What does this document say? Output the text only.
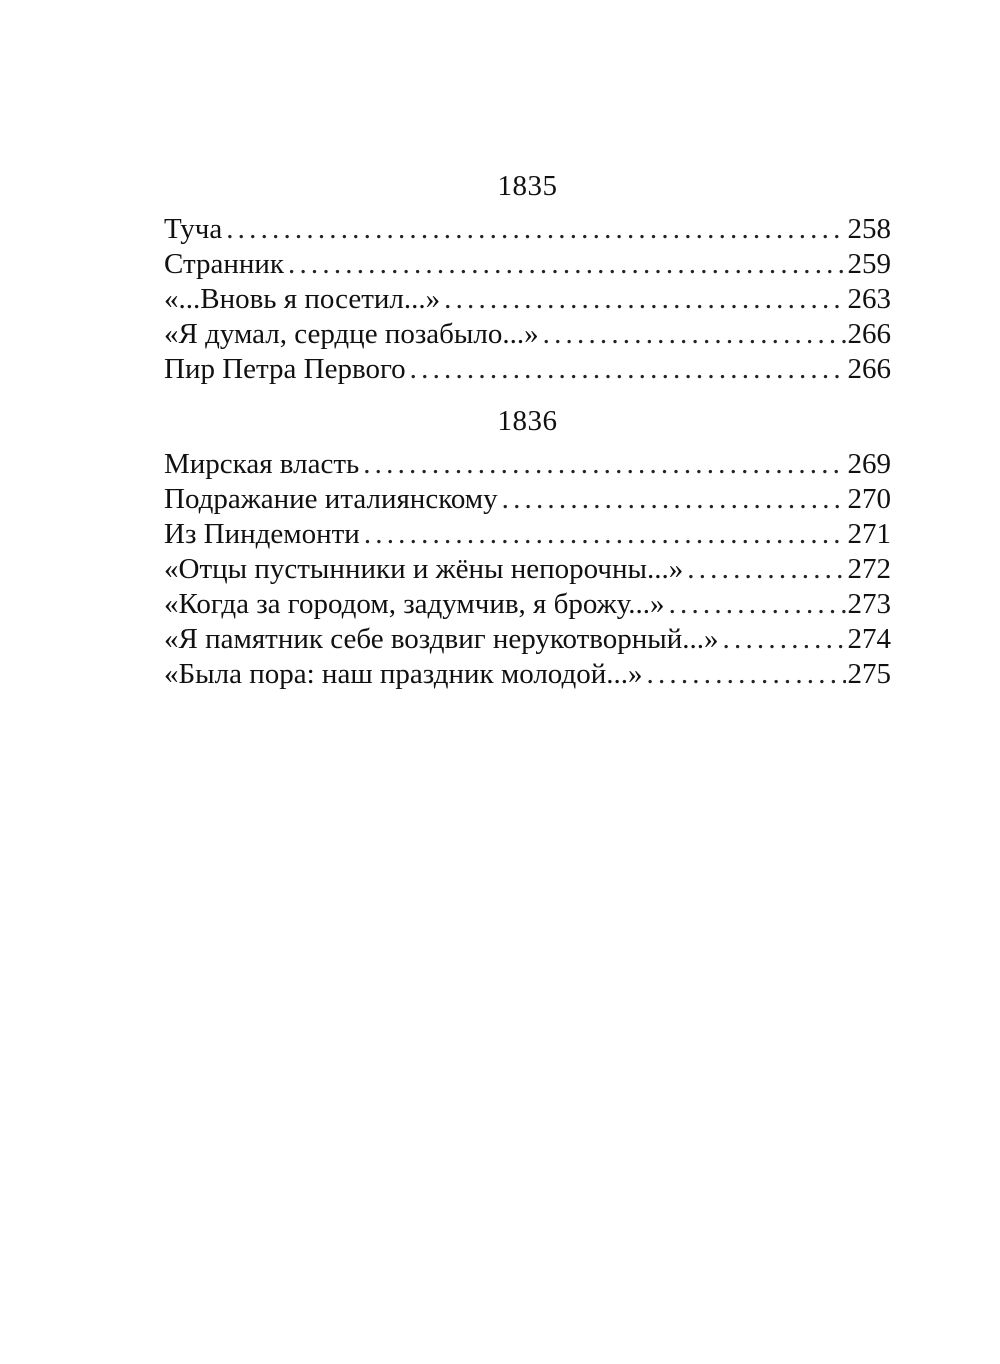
1835
Туча .....	258
Странник .....	259
«...Вновь я посетил...» .....	263
«Я думал, сердце позабыло...» .....	266
Пир Петра Первого .....	266
1836
Мирская власть .....	269
Подражание италиянскому .....	270
Из Пиндемонти .....	271
«Отцы пустынники и жёны непорочны...» .....	272
«Когда за городом, задумчив, я брожу...» .....	273
«Я памятник себе воздвиг нерукотворный...» .....	274
«Была пора: наш праздник молодой...» .....	275
